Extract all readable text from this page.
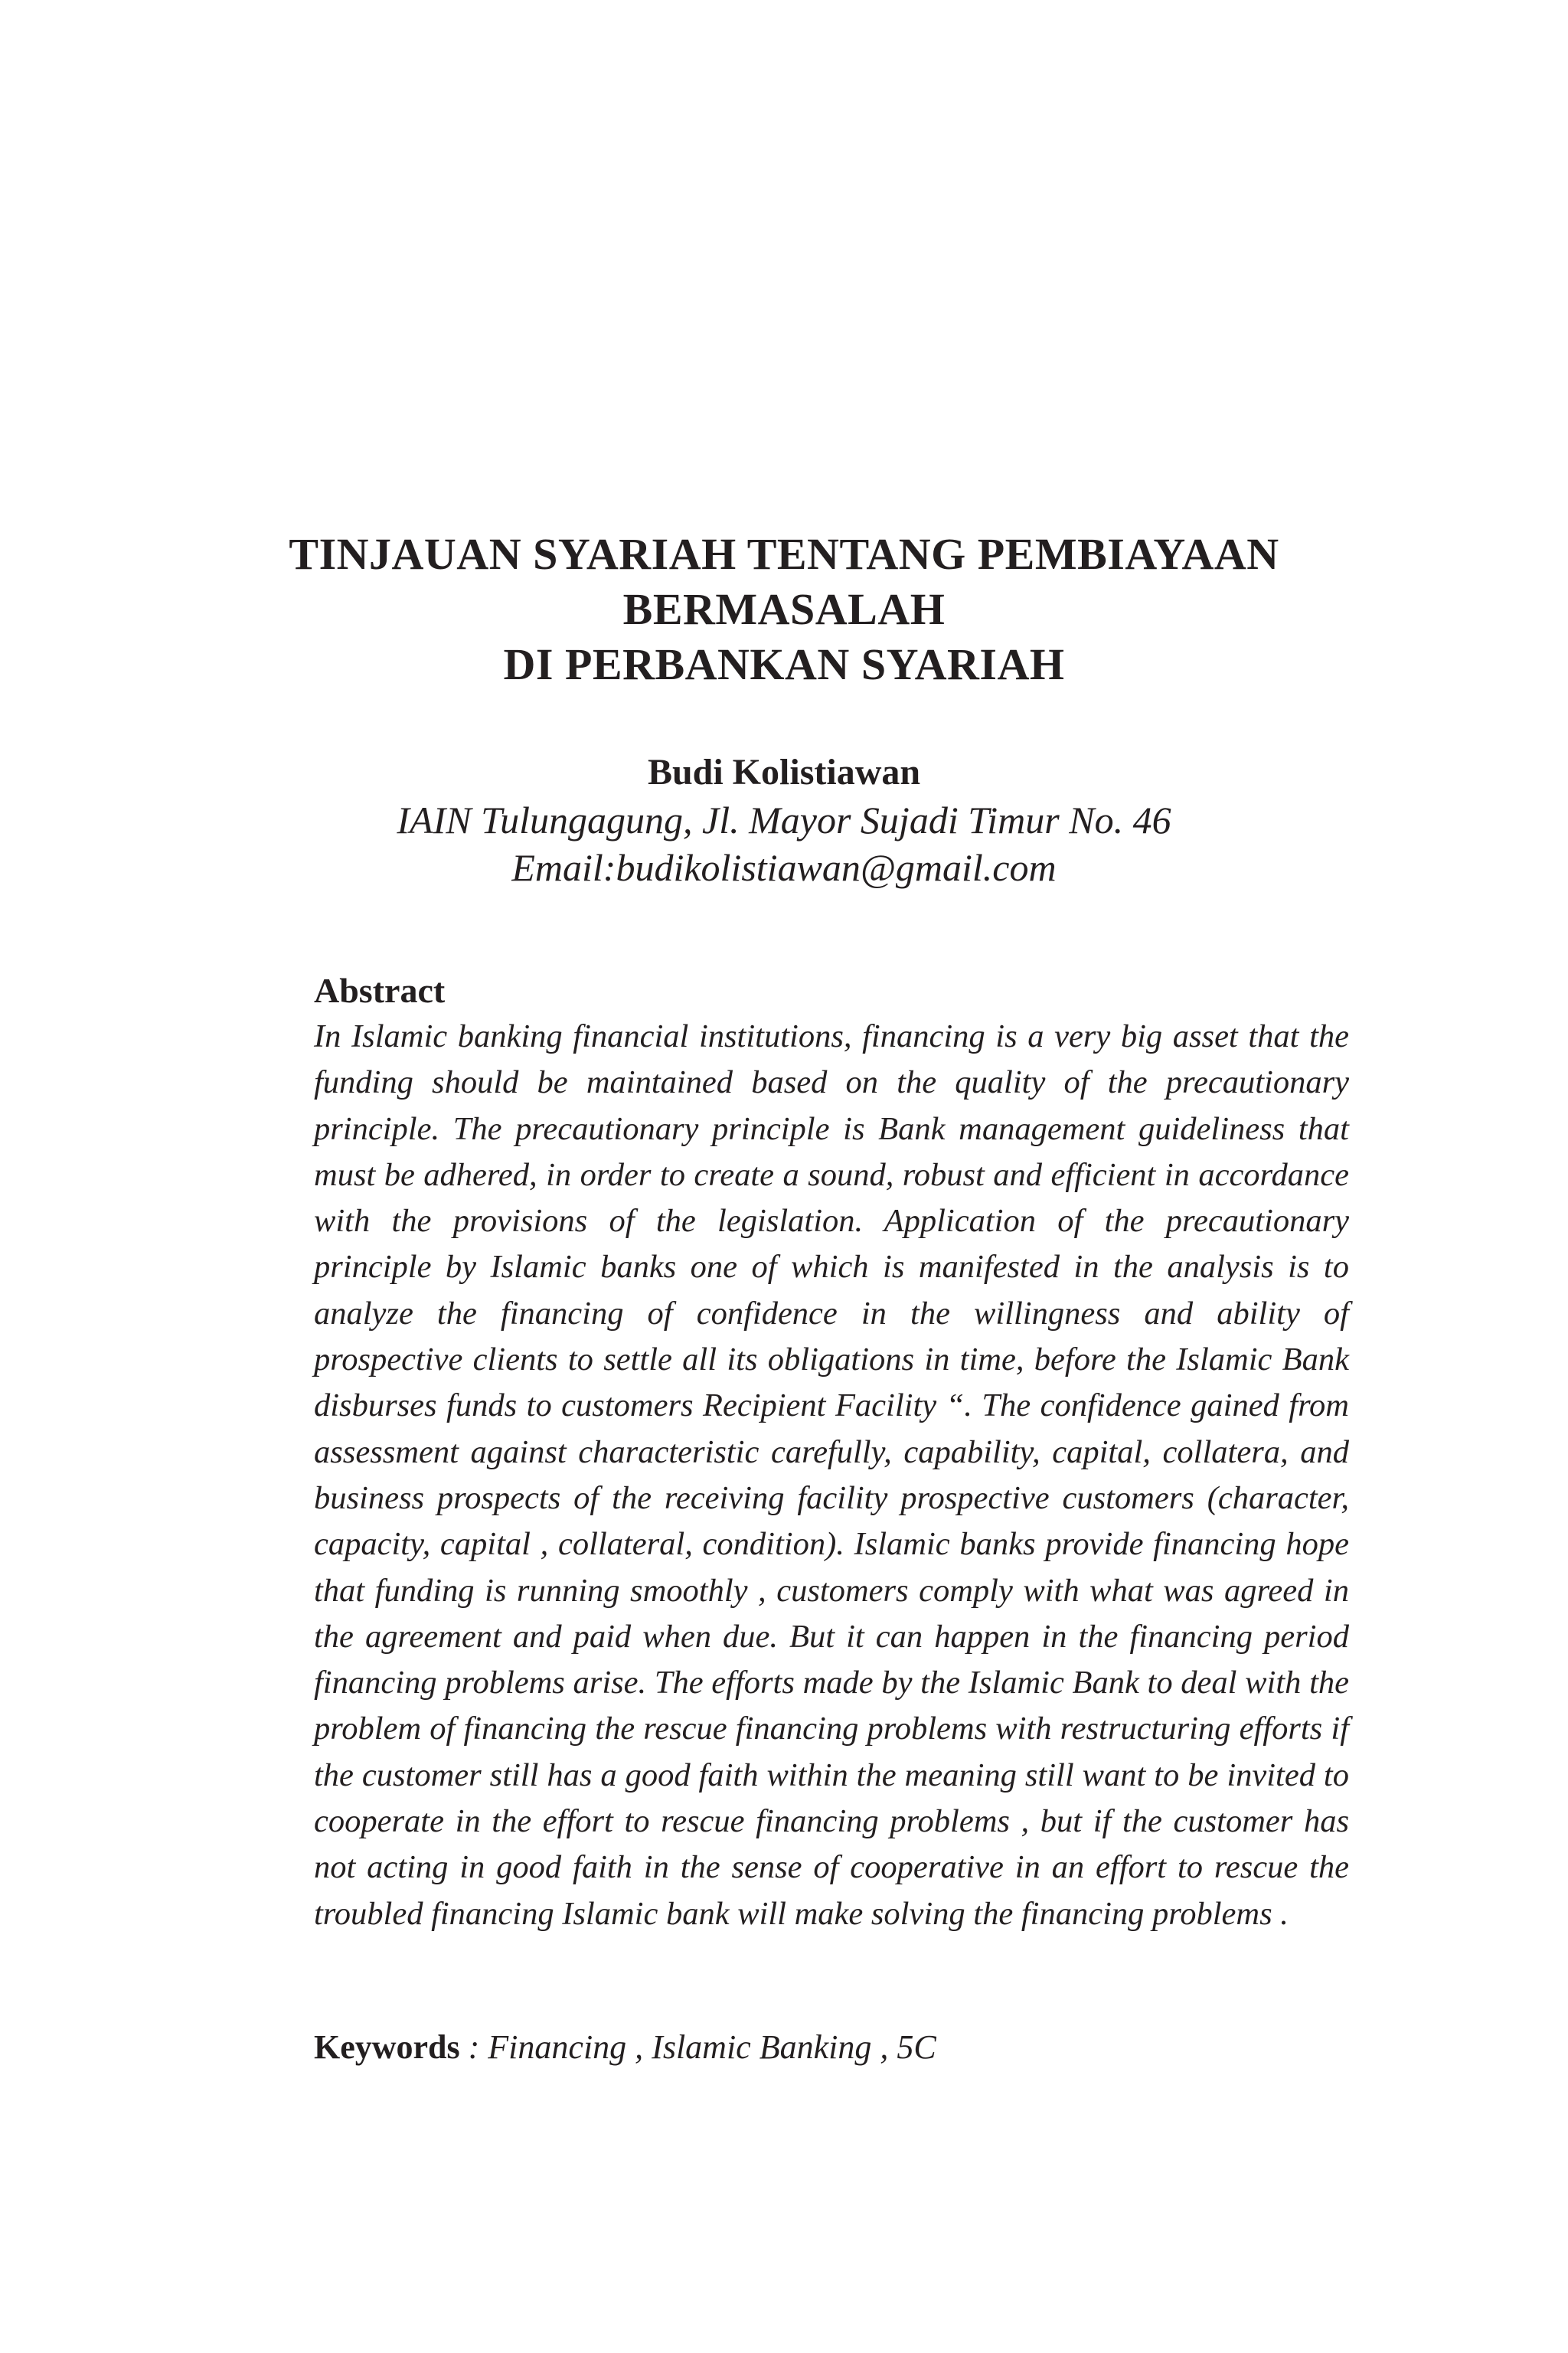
TINJAUAN SYARIAH TENTANG PEMBIAYAAN
BERMASALAH
DI PERBANKAN SYARIAH
Budi Kolistiawan
IAIN Tulungagung, Jl. Mayor Sujadi Timur No. 46
Email:budikolistiawan@gmail.com
Abstract

In Islamic banking financial institutions, financing is a very big asset that the funding should be maintained based on the quality of the precautionary principle. The precautionary principle is Bank management guideliness that must be adhered, in order to create a sound, robust and efficient in accordance with the provisions of the legislation. Application of the precautionary principle by Islamic banks one of which is manifested in the analysis is to analyze the financing of confidence in the willingness and ability of prospective clients to settle all its obligations in time, before the Islamic Bank disburses funds to customers Recipient Facility “. The confidence gained from assessment against characteristic carefully, capability, capital, collatera, and business prospects of the receiving facility prospective customers (character, capacity, capital , collateral, condition). Islamic banks provide financing hope that funding is running smoothly , customers comply with what was agreed in the agreement and paid when due. But it can happen in the financing period financing problems arise. The efforts made by the Islamic Bank to deal with the problem of financing the rescue financing problems with restructuring efforts if the customer still has a good faith within the meaning still want to be invited to cooperate in the effort to rescue financing problems , but if the customer has not acting in good faith in the sense of cooperative in an effort to rescue the troubled financing Islamic bank will make solving the financing problems .

Keywords : Financing , Islamic Banking , 5C
